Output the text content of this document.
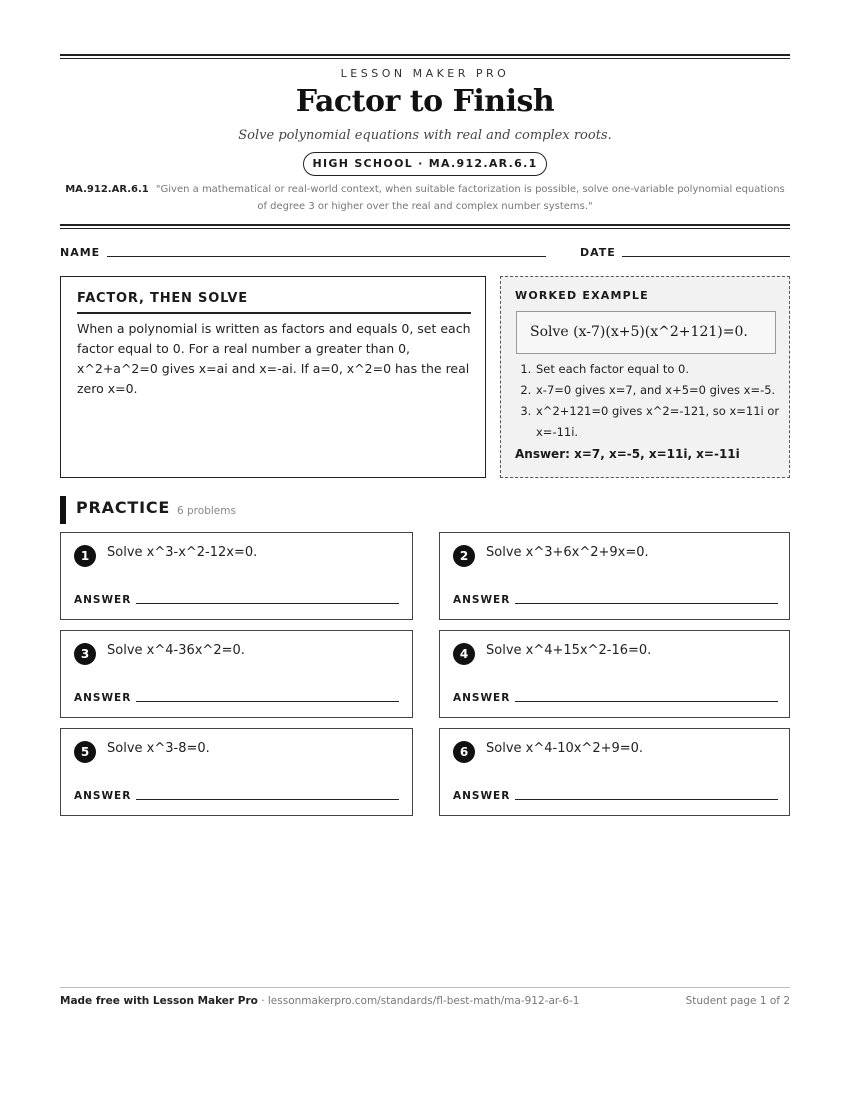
LESSON MAKER PRO
Factor to Finish
Solve polynomial equations with real and complex roots.
HIGH SCHOOL · MA.912.AR.6.1
MA.912.AR.6.1 "Given a mathematical or real-world context, when suitable factorization is possible, solve one-variable polynomial equations of degree 3 or higher over the real and complex number systems."
NAME	DATE
FACTOR, THEN SOLVE
When a polynomial is written as factors and equals 0, set each factor equal to 0. For a real number a greater than 0, x^2+a^2=0 gives x=ai and x=-ai. If a=0, x^2=0 has the real zero x=0.
WORKED EXAMPLE
Solve (x-7)(x+5)(x^2+121)=0.
1. Set each factor equal to 0.
2. x-7=0 gives x=7, and x+5=0 gives x=-5.
3. x^2+121=0 gives x^2=-121, so x=11i or x=-11i.
Answer: x=7, x=-5, x=11i, x=-11i
PRACTICE 6 problems
1	Solve x^3-x^2-12x=0.
ANSWER
2	Solve x^3+6x^2+9x=0.
ANSWER
3	Solve x^4-36x^2=0.
ANSWER
4	Solve x^4+15x^2-16=0.
ANSWER
5	Solve x^3-8=0.
ANSWER
6	Solve x^4-10x^2+9=0.
ANSWER
Made free with Lesson Maker Pro · lessonmakerpro.com/standards/fl-best-math/ma-912-ar-6-1	Student page 1 of 2
